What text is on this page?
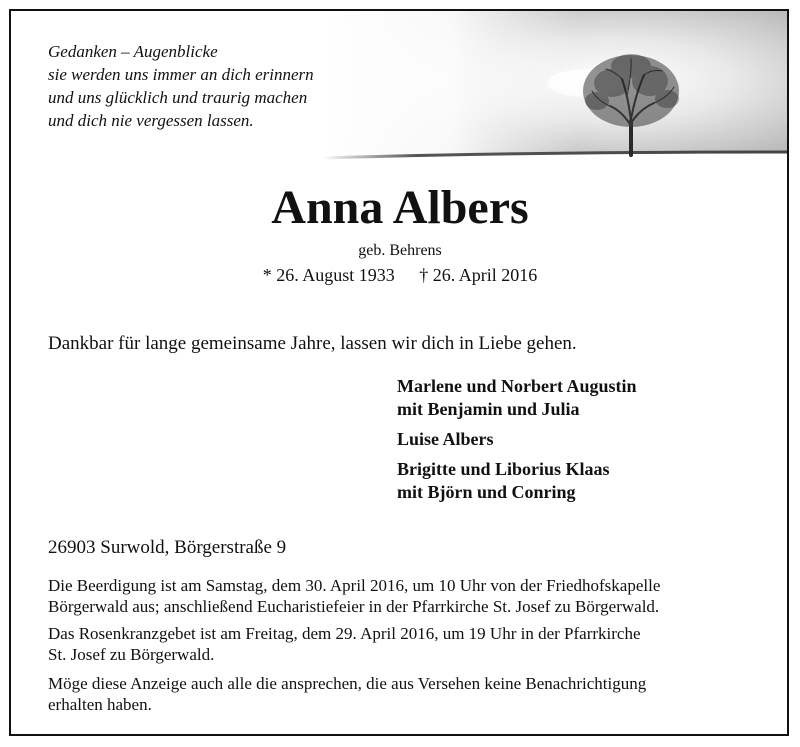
Gedanken – Augenblicke
sie werden uns immer an dich erinnern
und uns glücklich und traurig machen
und dich nie vergessen lassen.
Anna Albers
geb. Behrens
* 26. August 1933 † 26. April 2016
Dankbar für lange gemeinsame Jahre, lassen wir dich in Liebe gehen.
Marlene und Norbert Augustin
mit Benjamin und Julia
Luise Albers
Brigitte und Liborius Klaas
mit Björn und Conring
26903 Surwold, Börgerstraße 9
Die Beerdigung ist am Samstag, dem 30. April 2016, um 10 Uhr von der Friedhofskapelle
Börgerwald aus; anschließend Eucharistiefeier in der Pfarrkirche St. Josef zu Börgerwald.
Das Rosenkranzgebet ist am Freitag, dem 29. April 2016, um 19 Uhr in der Pfarrkirche
St. Josef zu Börgerwald.
Möge diese Anzeige auch alle die ansprechen, die aus Versehen keine Benachrichtigung
erhalten haben.
